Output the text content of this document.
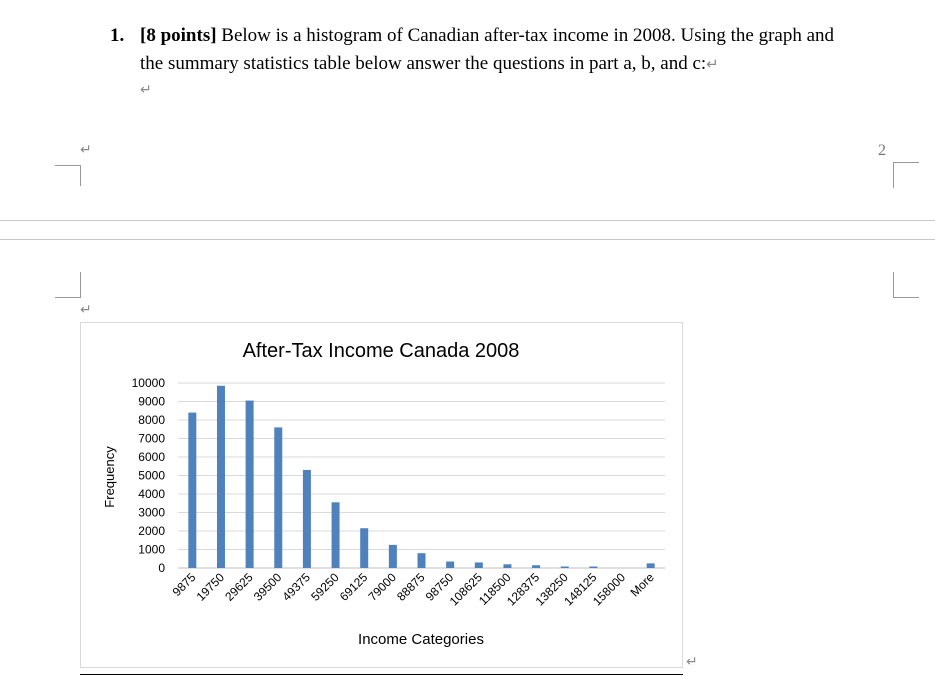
1. [8 points] Below is a histogram of Canadian after-tax income in 2008. Using the graph and
the summary statistics table below answer the questions in part a, b, and c:↵
↵
↵
↵
↵
2
After-Tax Income Canada 2008
0
1000
2000
3000
4000
5000
6000
7000
8000
9000
10000
9875
19750
29625
39500
49375
59250
69125
79000
88875
98750
108625
118500
128375
138250
148125
158000 More
Frequency
Income Categories
